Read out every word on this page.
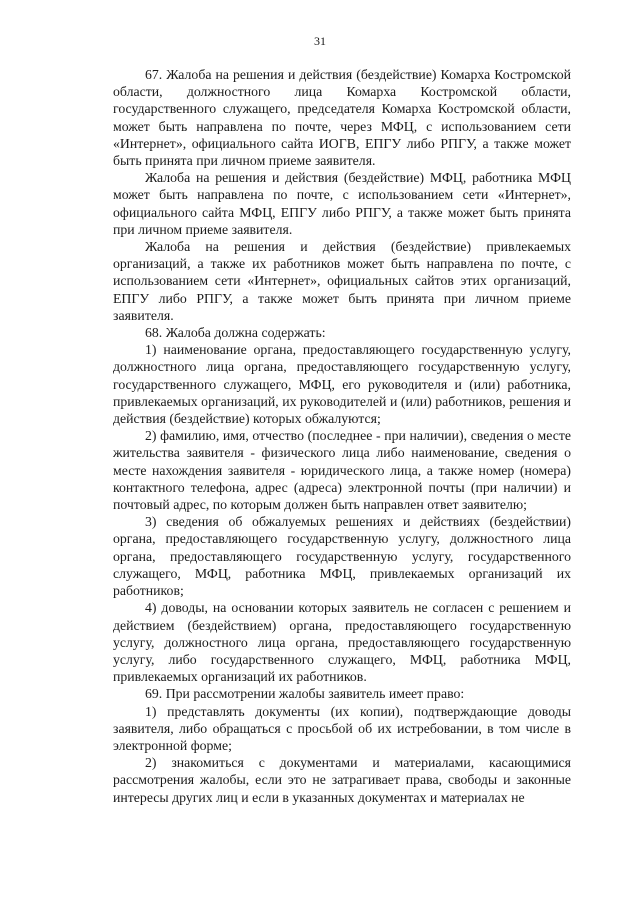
31

67. Жалоба на решения и действия (бездействие) Комарха Костромской области, должностного лица Комарха Костромской области, государственного служащего, председателя Комарха Костромской области, может быть направлена по почте, через МФЦ, с использованием сети «Интернет», официального сайта ИОГВ, ЕПГУ либо РПГУ, а также может быть принята при личном приеме заявителя.

Жалоба на решения и действия (бездействие) МФЦ, работника МФЦ может быть направлена по почте, с использованием сети «Интернет», официального сайта МФЦ, ЕПГУ либо РПГУ, а также может быть принята при личном приеме заявителя.

Жалоба на решения и действия (бездействие) привлекаемых организаций, а также их работников может быть направлена по почте, с использованием сети «Интернет», официальных сайтов этих организаций, ЕПГУ либо РПГУ, а также может быть принята при личном приеме заявителя.

68. Жалоба должна содержать:

1) наименование органа, предоставляющего государственную услугу, должностного лица органа, предоставляющего государственную услугу, государственного служащего, МФЦ, его руководителя и (или) работника, привлекаемых организаций, их руководителей и (или) работников, решения и действия (бездействие) которых обжалуются;

2) фамилию, имя, отчество (последнее - при наличии), сведения о месте жительства заявителя - физического лица либо наименование, сведения о месте нахождения заявителя - юридического лица, а также номер (номера) контактного телефона, адрес (адреса) электронной почты (при наличии) и почтовый адрес, по которым должен быть направлен ответ заявителю;

3) сведения об обжалуемых решениях и действиях (бездействии) органа, предоставляющего государственную услугу, должностного лица органа, предоставляющего государственную услугу, государственного служащего, МФЦ, работника МФЦ, привлекаемых организаций их работников;

4) доводы, на основании которых заявитель не согласен с решением и действием (бездействием) органа, предоставляющего государственную услугу, должностного лица органа, предоставляющего государственную услугу, либо государственного служащего, МФЦ, работника МФЦ, привлекаемых организаций их работников.

69. При рассмотрении жалобы заявитель имеет право:

1) представлять документы (их копии), подтверждающие доводы заявителя, либо обращаться с просьбой об их истребовании, в том числе в электронной форме;

2) знакомиться с документами и материалами, касающимися рассмотрения жалобы, если это не затрагивает права, свободы и законные интересы других лиц и если в указанных документах и материалах не
